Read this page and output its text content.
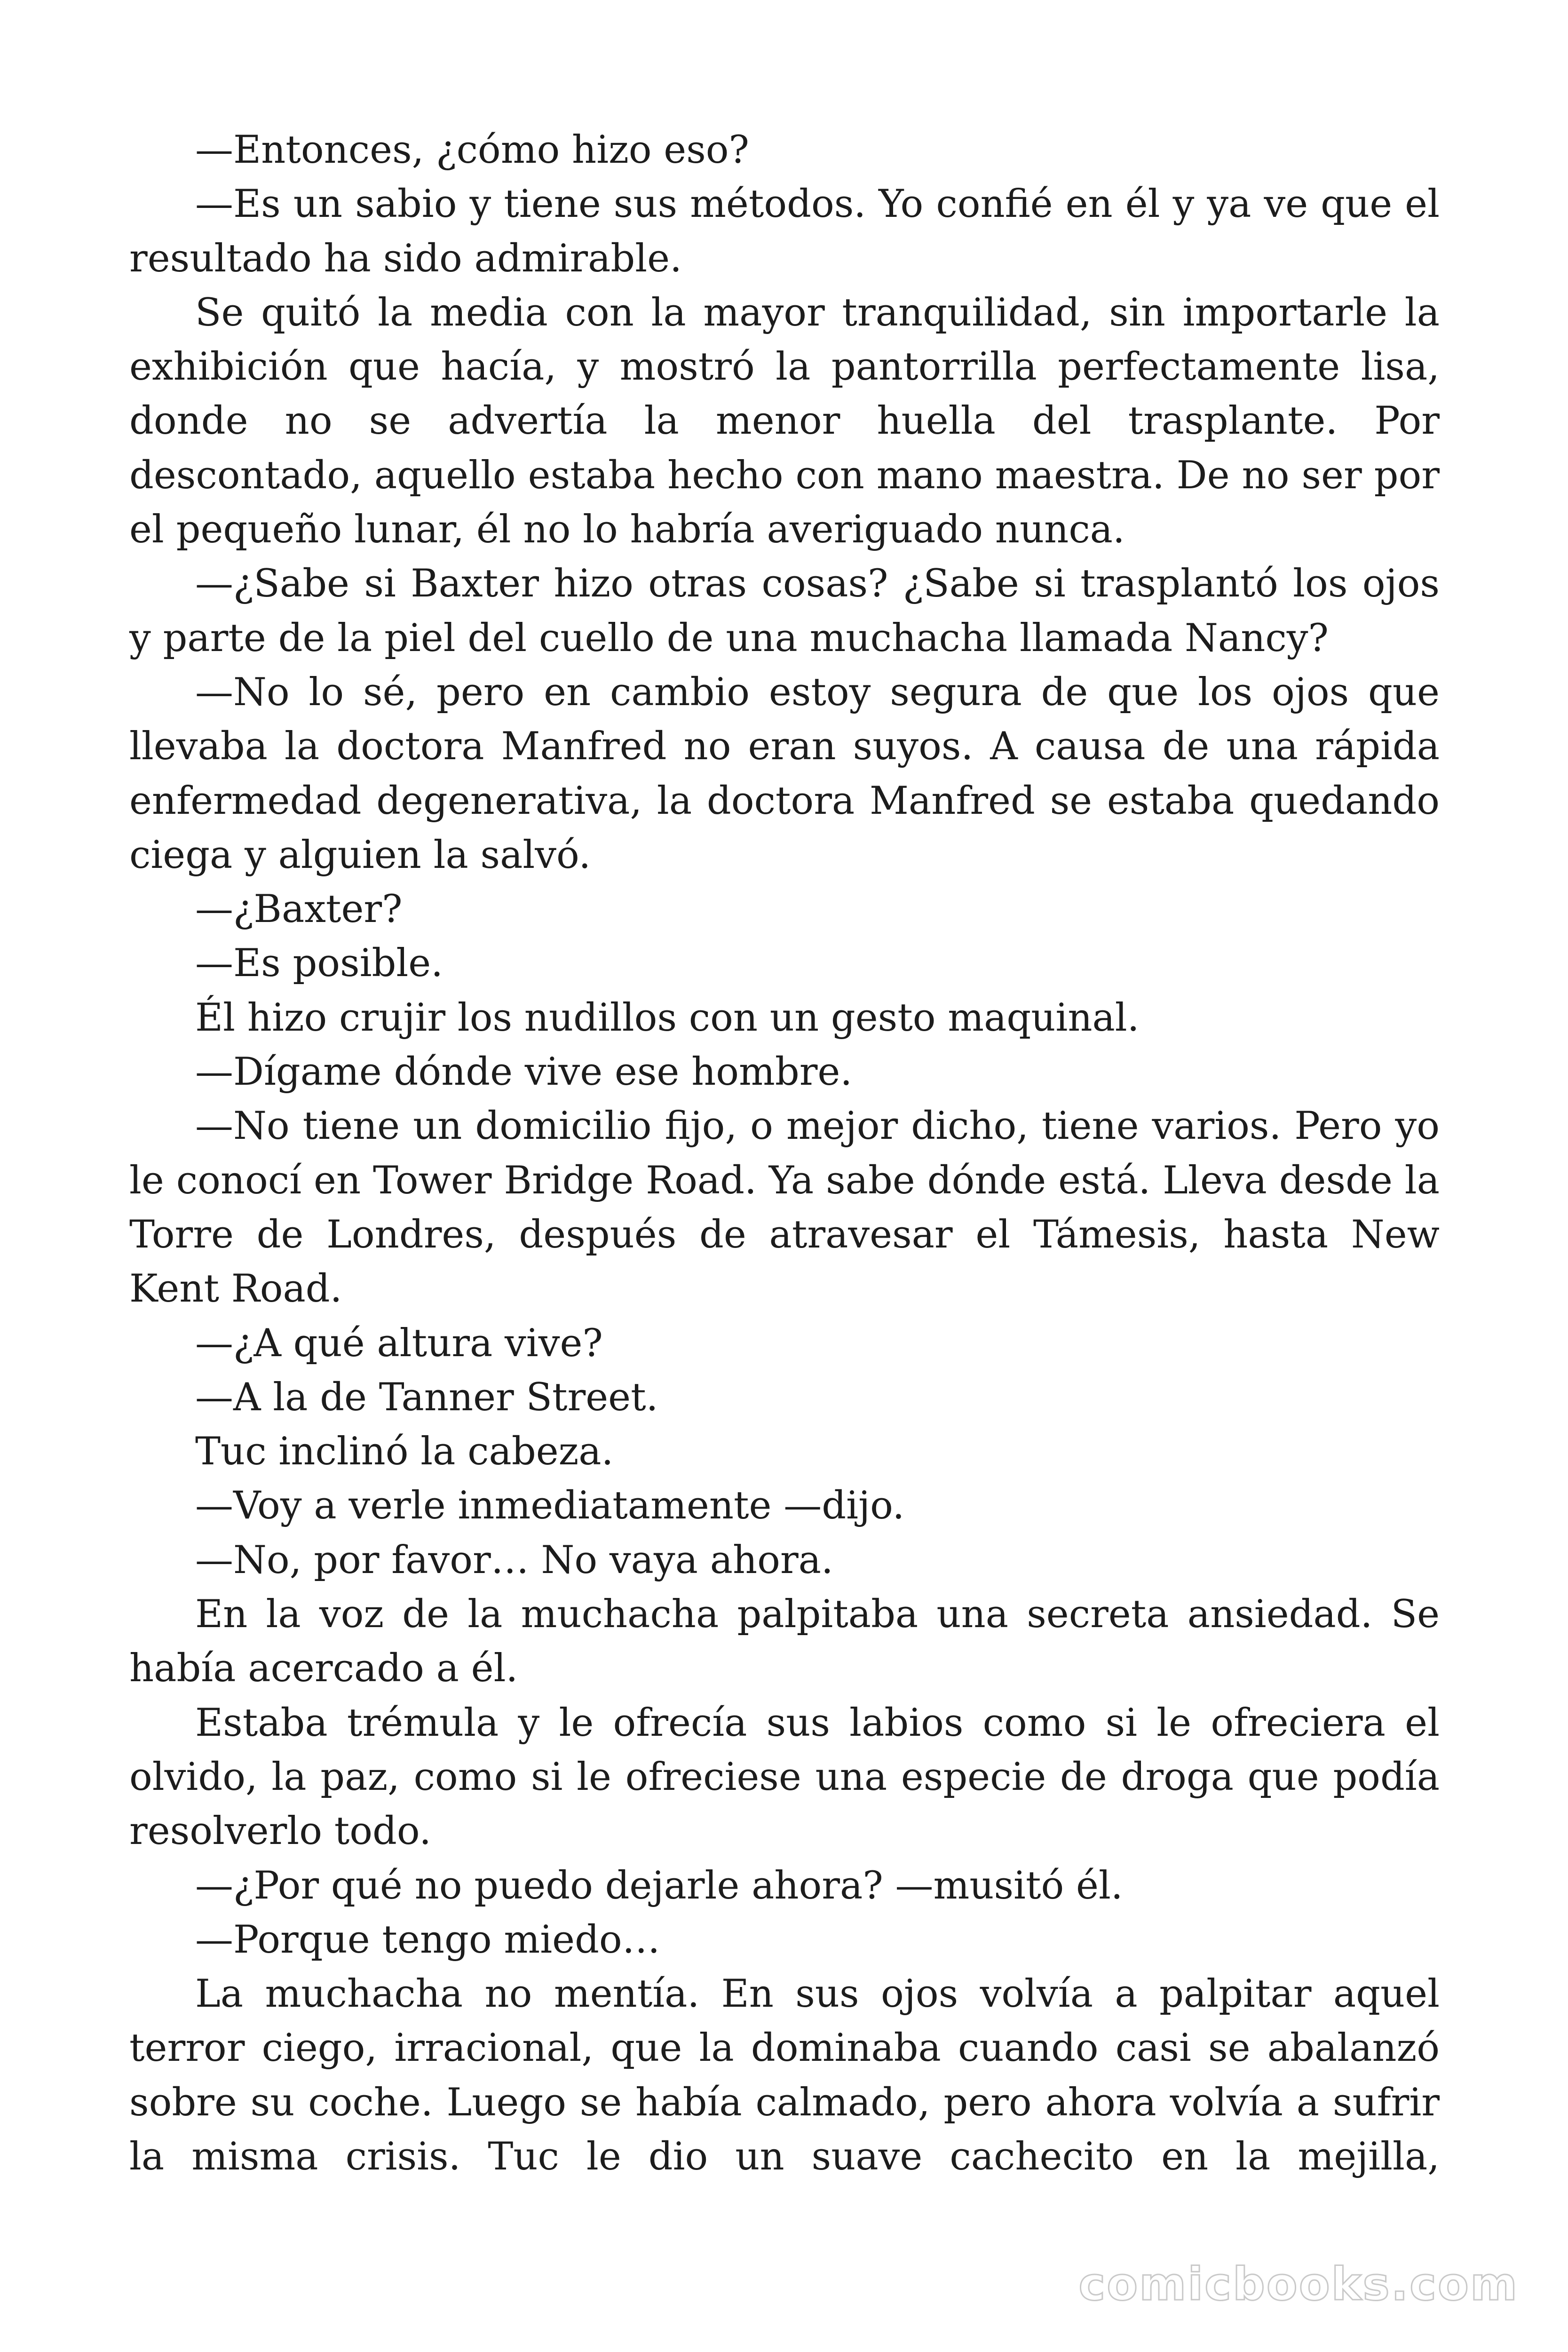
—Entonces, ¿cómo hizo eso?

—Es un sabio y tiene sus métodos. Yo confié en él y ya ve que el resultado ha sido admirable.

Se quitó la media con la mayor tranquilidad, sin importarle la exhibición que hacía, y mostró la pantorrilla perfectamente lisa, donde no se advertía la menor huella del trasplante. Por descontado, aquello estaba hecho con mano maestra. De no ser por el pequeño lunar, él no lo habría averiguado nunca.

—¿Sabe si Baxter hizo otras cosas? ¿Sabe si trasplantó los ojos y parte de la piel del cuello de una muchacha llamada Nancy?

—No lo sé, pero en cambio estoy segura de que los ojos que llevaba la doctora Manfred no eran suyos. A causa de una rápida enfermedad degenerativa, la doctora Manfred se estaba quedando ciega y alguien la salvó.

—¿Baxter?

—Es posible.

Él hizo crujir los nudillos con un gesto maquinal.

—Dígame dónde vive ese hombre.

—No tiene un domicilio fijo, o mejor dicho, tiene varios. Pero yo le conocí en Tower Bridge Road. Ya sabe dónde está. Lleva desde la Torre de Londres, después de atravesar el Támesis, hasta New Kent Road.

—¿A qué altura vive?

—A la de Tanner Street.

Tuc inclinó la cabeza.

—Voy a verle inmediatamente —dijo.

—No, por favor… No vaya ahora.

En la voz de la muchacha palpitaba una secreta ansiedad. Se había acercado a él.

Estaba trémula y le ofrecía sus labios como si le ofreciera el olvido, la paz, como si le ofreciese una especie de droga que podía resolverlo todo.

—¿Por qué no puedo dejarle ahora? —musitó él.

—Porque tengo miedo…

La muchacha no mentía. En sus ojos volvía a palpitar aquel terror ciego, irracional, que la dominaba cuando casi se abalanzó sobre su coche. Luego se había calmado, pero ahora volvía a sufrir la misma crisis. Tuc le dio un suave cachecito en la mejilla,

comicbooks.com
